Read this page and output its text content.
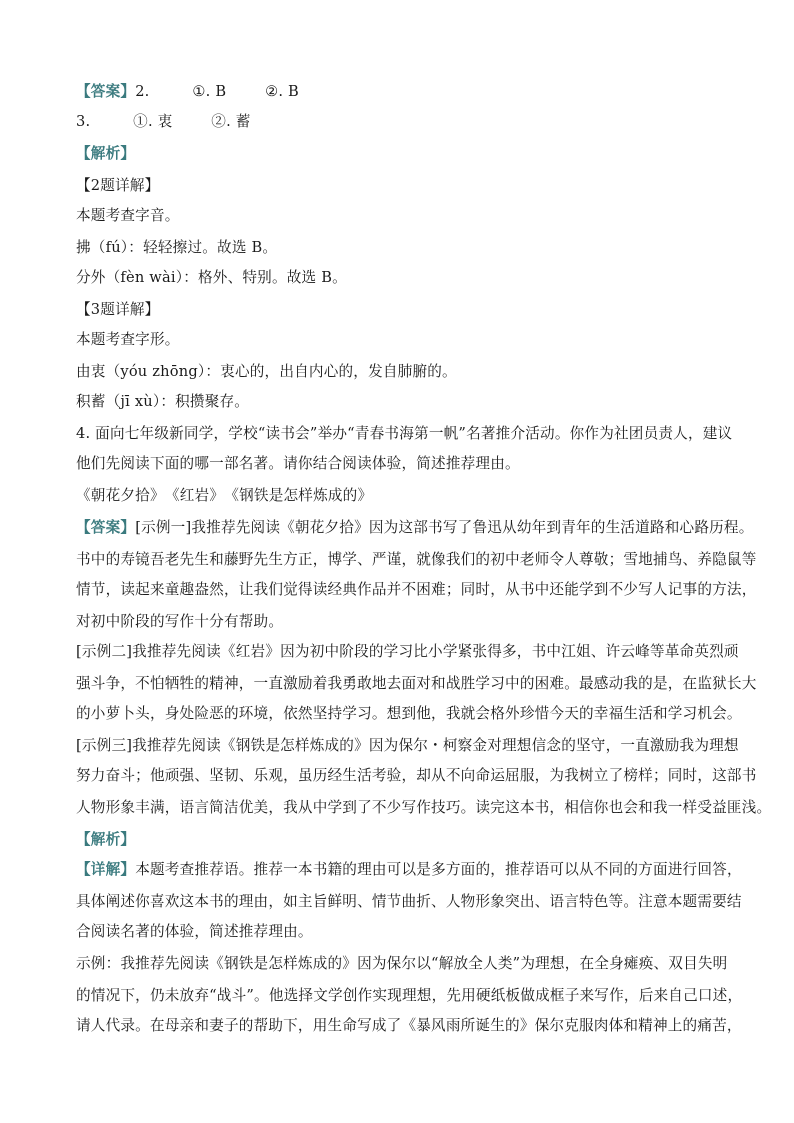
【答案】2.	①. B	②. B
3.	①. 衷	②. 蓄
【解析】
【2题详解】
本题考查字音。
拂（fú）：轻轻擦过。故选 B。
分外（fèn wài）：格外、特别。故选 B。
【3题详解】
本题考查字形。
由衷（yóu zhōng）：衷心的，出自内心的，发自肺腑的。
积蓄（jī xù）：积攒聚存。
4. 面向七年级新同学，学校“读书会”举办“青春书海第一帆”名著推介活动。你作为社团员责人，建议
他们先阅读下面的哪一部名著。请你结合阅读体验，简述推荐理由。
《朝花夕拾》　《红岩》　《钢铁是怎样炼成的》
【答案】[示例一]我推荐先阅读《朝花夕拾》因为这部书写了鲁迅从幼年到青年的生活道路和心路历程。
书中的寿镜吾老先生和藤野先生方正，博学、严谨，就像我们的初中老师令人尊敬；雪地捕鸟、养隐鼠等
情节，读起来童趣盎然，让我们觉得读经典作品并不困难；同时，从书中还能学到不少写人记事的方法，
对初中阶段的写作十分有帮助。
[示例二]我推荐先阅读《红岩》因为初中阶段的学习比小学紧张得多，书中江姐、许云峰等革命英烈顽
强斗争，不怕牺牲的精神，一直激励着我勇敢地去面对和战胜学习中的困难。最感动我的是，在监狱长大
的小萝卜头，身处险恶的环境，依然坚持学习。想到他，我就会格外珍惜今天的幸福生活和学习机会。
[示例三]我推荐先阅读《钢铁是怎样炼成的》因为保尔・柯察金对理想信念的坚守，一直激励我为理想
努力奋斗；他顽强、坚韧、乐观，虽历经生活考验，却从不向命运屈服，为我树立了榜样；同时，这部书
人物形象丰满，语言简洁优美，我从中学到了不少写作技巧。读完这本书，相信你也会和我一样受益匪浅。
【解析】
【详解】本题考查推荐语。推荐一本书籍的理由可以是多方面的，推荐语可以从不同的方面进行回答，
具体阐述你喜欢这本书的理由，如主旨鲜明、情节曲折、人物形象突出、语言特色等。注意本题需要结
合阅读名著的体验，简述推荐理由。
示例：我推荐先阅读《钢铁是怎样炼成的》因为保尔以“解放全人类”为理想，在全身瘫痪、双目失明
的情况下，仍未放弃“战斗”。他选择文学创作实现理想，先用硬纸板做成框子来写作，后来自己口述，
请人代录。在母亲和妻子的帮助下，用生命写成了《暴风雨所诞生的》保尔克服肉体和精神上的痛苦，
